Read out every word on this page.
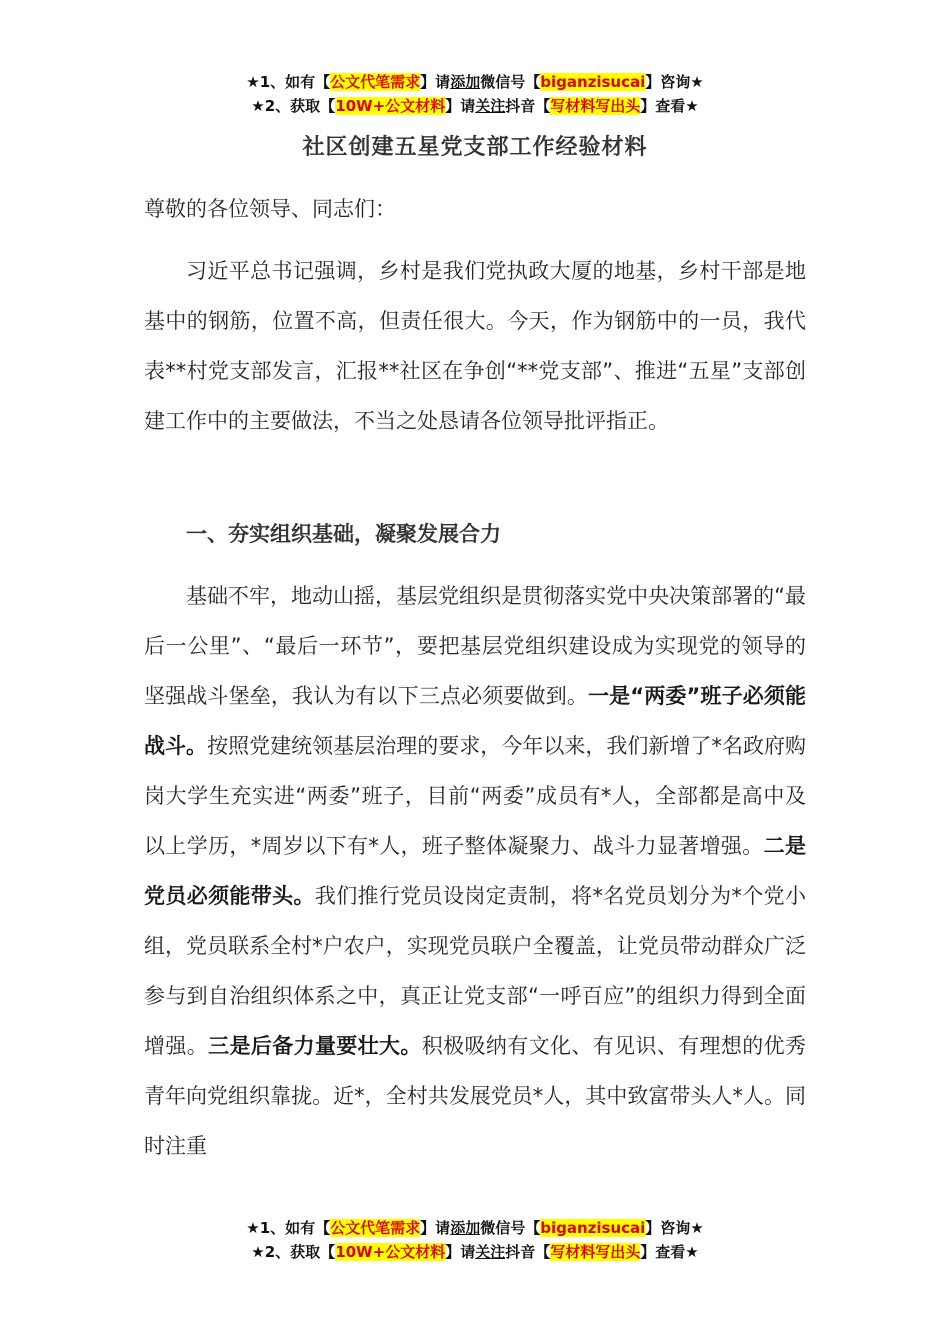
★1、如有【公文代笔需求】请添加微信号【biganzisucai】咨询★
★2、获取【10W+公文材料】请关注抖音【写材料写出头】查看★
社区创建五星党支部工作经验材料

尊敬的各位领导、同志们：

习近平总书记强调，乡村是我们党执政大厦的地基，乡村干部是地基中的钢筋，位置不高，但责任很大。今天，作为钢筋中的一员，我代表**村党支部发言，汇报**社区在争创“**党支部”、推进“五星”支部创建工作中的主要做法，不当之处恳请各位领导批评指正。

一、夯实组织基础，凝聚发展合力

基础不牢，地动山摇，基层党组织是贯彻落实党中央决策部署的“最后一公里”、“最后一环节”，要把基层党组织建设成为实现党的领导的坚强战斗堡垒，我认为有以下三点必须要做到。一是“两委”班子必须能战斗。按照党建统领基层治理的要求，今年以来，我们新增了*名政府购岗大学生充实进“两委”班子，目前“两委”成员有*人，全部都是高中及以上学历，*周岁以下有*人，班子整体凝聚力、战斗力显著增强。二是党员必须能带头。我们推行党员设岗定责制，将*名党员划分为*个党小组，党员联系全村*户农户，实现党员联户全覆盖，让党员带动群众广泛参与到自治组织体系之中，真正让党支部“一呼百应”的组织力得到全面增强。三是后备力量要壮大。积极吸纳有文化、有见识、有理想的优秀青年向党组织靠拢。近*，全村共发展党员*人，其中致富带头人*人。同时注重

★1、如有【公文代笔需求】请添加微信号【biganzisucai】咨询★
★2、获取【10W+公文材料】请关注抖音【写材料写出头】查看★
